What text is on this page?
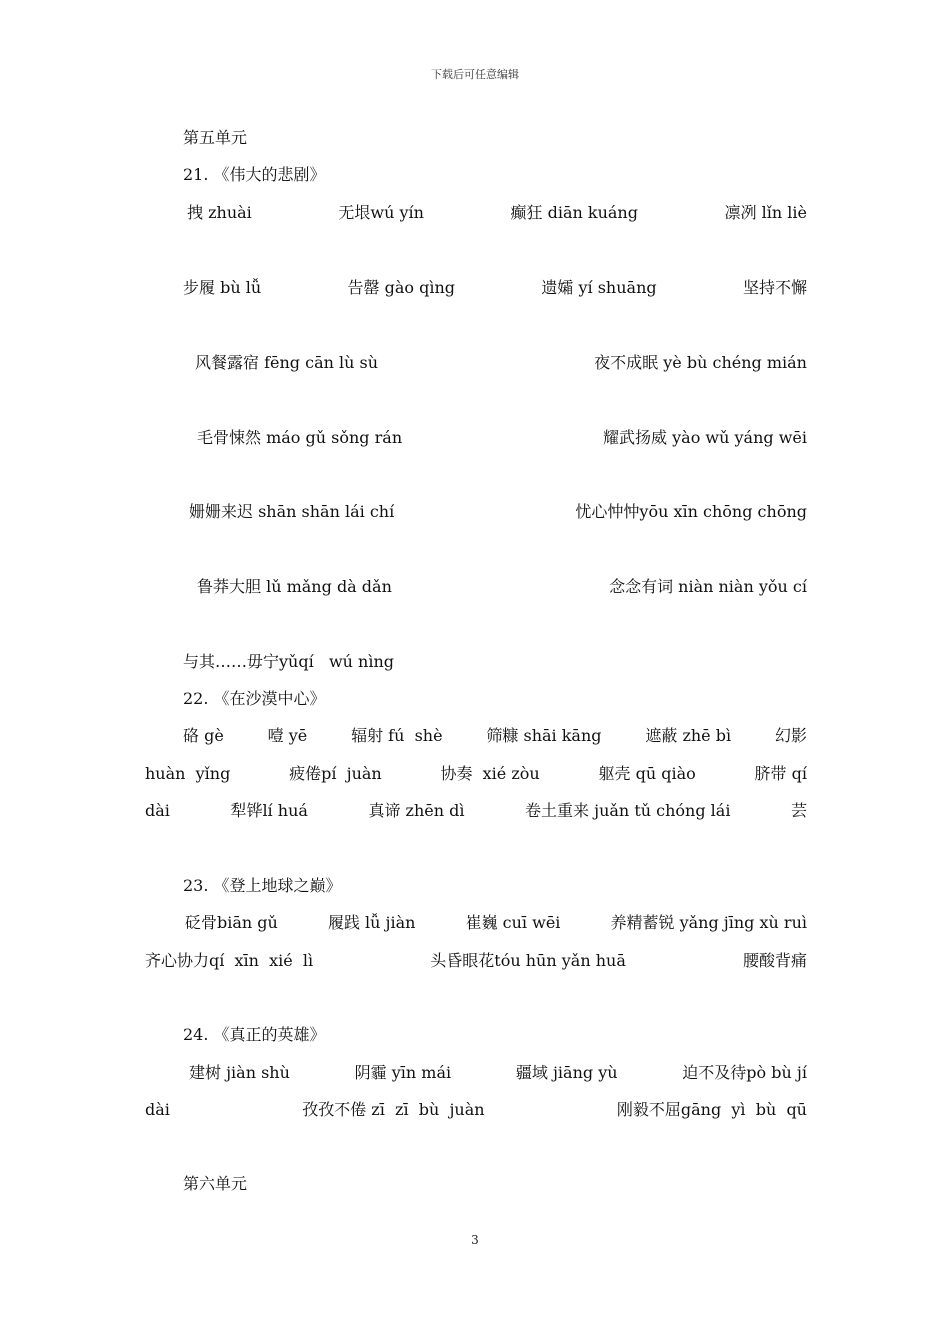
下载后可任意编辑
第五单元
21. 《伟大的悲剧》
拽 zhuài	无垠wú yín	癫狂 diān kuáng	凛冽 lǐn liè

步履 bù lǚ	告罄 gào qìng	遗孀 yí shuāng	坚持不懈

风餐露宿 fēng cān lù sù	夜不成眠 yè bù chéng mián

毛骨悚然 máo gǔ sǒng rán	耀武扬威 yào wǔ yáng wēi

姗姗来迟 shān shān lái chí	忧心忡忡yōu xīn chōng chōng

鲁莽大胆 lǔ mǎng dà dǎn	念念有词 niàn niàn yǒu cí

与其……毋宁yǔqí   wú nìng
22. 《在沙漠中心》
硌 gè	噎 yē	辐射 fú  shè	筛糠 shāi kāng	遮蔽 zhē bì	幻影
huàn  yǐng	疲倦pí  juàn	协奏  xié zòu	躯壳 qū qiào	脐带 qí
dài	犁铧lí huá	真谛 zhēn dì	卷土重来 juǎn tǔ chóng lái	芸

23. 《登上地球之巅》
砭骨biān gǔ	履践 lǚ jiàn	崔巍 cuī wēi	养精蓄锐 yǎng jīng xù ruì
齐心协力qí  xīn  xié  lì	头昏眼花tóu hūn yǎn huā	腰酸背痛

24. 《真正的英雄》
建树 jiàn shù	阴霾 yīn mái	疆域 jiāng yù	迫不及待pò bù jí
dài	孜孜不倦 zī  zī  bù  juàn	刚毅不屈gāng  yì  bù  qū
第六单元
3
